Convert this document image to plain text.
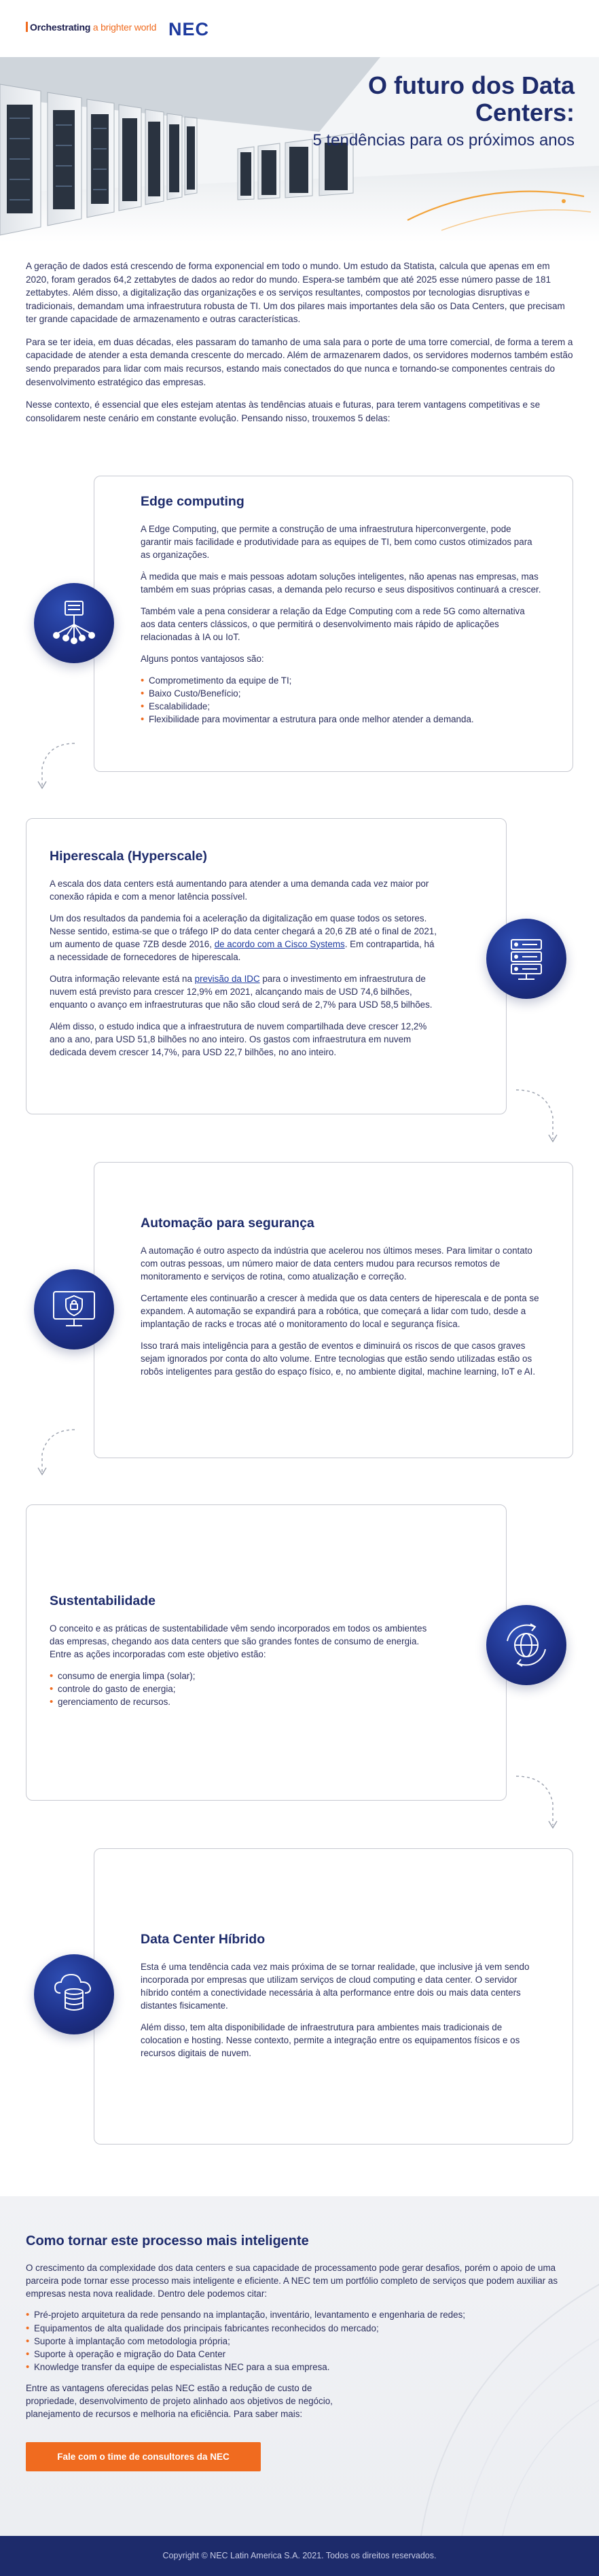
Orchestrating a brighter world NEC
O futuro dos Data Centers:

5 tendências para os próximos anos

A geração de dados está crescendo de forma exponencial em todo o mundo. Um estudo da Statista, calcula que apenas em em 2020, foram gerados 64,2 zettabytes de dados ao redor do mundo. Espera-se também que até 2025 esse número passe de 181 zettabytes. Além disso, a digitalização das organizações e os serviços resultantes, compostos por tecnologias disruptivas e tradicionais, demandam uma infraestrutura robusta de TI. Um dos pilares mais importantes dela são os Data Centers, que precisam ter grande capacidade de armazenamento e outras características.

Para se ter ideia, em duas décadas, eles passaram do tamanho de uma sala para o porte de uma torre comercial, de forma a terem a capacidade de atender a esta demanda crescente do mercado. Além de armazenarem dados, os servidores modernos também estão sendo preparados para lidar com mais recursos, estando mais conectados do que nunca e tornando-se componentes centrais do desenvolvimento estratégico das empresas.

Nesse contexto, é essencial que eles estejam atentas às tendências atuais e futuras, para terem vantagens competitivas e se consolidarem neste cenário em constante evolução. Pensando nisso, trouxemos 5 delas:

Edge computing

A Edge Computing, que permite a construção de uma infraestrutura hiperconvergente, pode garantir mais facilidade e produtividade para as equipes de TI, bem como custos otimizados para as organizações.

À medida que mais e mais pessoas adotam soluções inteligentes, não apenas nas empresas, mas também em suas próprias casas, a demanda pelo recurso e seus dispositivos continuará a crescer.

Também vale a pena considerar a relação da Edge Computing com a rede 5G como alternativa aos data centers clássicos, o que permitirá o desenvolvimento mais rápido de aplicações relacionadas à IA ou IoT.

Alguns pontos vantajosos são:

• Comprometimento da equipe de TI;
• Baixo Custo/Benefício;
• Escalabilidade;
• Flexibilidade para movimentar a estrutura para onde melhor atender a demanda.
Hiperescala (Hyperscale)

A escala dos data centers está aumentando para atender a uma demanda cada vez maior por conexão rápida e com a menor latência possível.

Um dos resultados da pandemia foi a aceleração da digitalização em quase todos os setores. Nesse sentido, estima-se que o tráfego IP do data center chegará a 20,6 ZB até o final de 2021, um aumento de quase 7ZB desde 2016, de acordo com a Cisco Systems. Em contrapartida, há a necessidade de fornecedores de hiperescala.

Outra informação relevante está na previsão da IDC para o investimento em infraestrutura de nuvem está previsto para crescer 12,9% em 2021, alcançando mais de USD 74,6 bilhões, enquanto o avanço em infraestruturas que não são cloud será de 2,7% para USD 58,5 bilhões.

Além disso, o estudo indica que a infraestrutura de nuvem compartilhada deve crescer 12,2% ano a ano, para USD 51,8 bilhões no ano inteiro. Os gastos com infraestrutura em nuvem dedicada devem crescer 14,7%, para USD 22,7 bilhões, no ano inteiro.

Automação para segurança

A automação é outro aspecto da indústria que acelerou nos últimos meses. Para limitar o contato com outras pessoas, um número maior de data centers mudou para recursos remotos de monitoramento e serviços de rotina, como atualização e correção.

Certamente eles continuarão a crescer à medida que os data centers de hiperescala e de ponta se expandem. A automação se expandirá para a robótica, que começará a lidar com tudo, desde a implantação de racks e trocas até o monitoramento do local e segurança física.

Isso trará mais inteligência para a gestão de eventos e diminuirá os riscos de que casos graves sejam ignorados por conta do alto volume. Entre tecnologias que estão sendo utilizadas estão os robôs inteligentes para gestão do espaço físico, e, no ambiente digital, machine learning, IoT e AI.

Sustentabilidade

O conceito e as práticas de sustentabilidade vêm sendo incorporados em todos os ambientes das empresas, chegando aos data centers que são grandes fontes de consumo de energia. Entre as ações incorporadas com este objetivo estão:

• consumo de energia limpa (solar);
• controle do gasto de energia;
• gerenciamento de recursos.
Data Center Híbrido

Esta é uma tendência cada vez mais próxima de se tornar realidade, que inclusive já vem sendo incorporada por empresas que utilizam serviços de cloud computing e data center. O servidor híbrido contém a conectividade necessária à alta performance entre dois ou mais data centers distantes fisicamente.

Além disso, tem alta disponibilidade de infraestrutura para ambientes mais tradicionais de colocation e hosting. Nesse contexto, permite a integração entre os equipamentos físicos e os recursos digitais de nuvem.

Como tornar este processo mais inteligente

O crescimento da complexidade dos data centers e sua capacidade de processamento pode gerar desafios, porém o apoio de uma parceira pode tornar esse processo mais inteligente e eficiente. A NEC tem um portfólio completo de serviços que podem auxiliar as empresas nesta nova realidade. Dentro dele podemos citar:

• Pré-projeto arquitetura da rede pensando na implantação, inventário, levantamento e engenharia de redes;
• Equipamentos de alta qualidade dos principais fabricantes reconhecidos do mercado;
• Suporte à implantação com metodologia própria;
• Suporte à operação e migração do Data Center
• Knowledge transfer da equipe de especialistas NEC para a sua empresa.

Entre as vantagens oferecidas pelas NEC estão a redução de custo de propriedade, desenvolvimento de projeto alinhado aos objetivos de negócio, planejamento de recursos e melhoria na eficiência. Para saber mais:

Fale com o time de consultores da NEC
Copyright © NEC Latin America S.A. 2021. Todos os direitos reservados.
